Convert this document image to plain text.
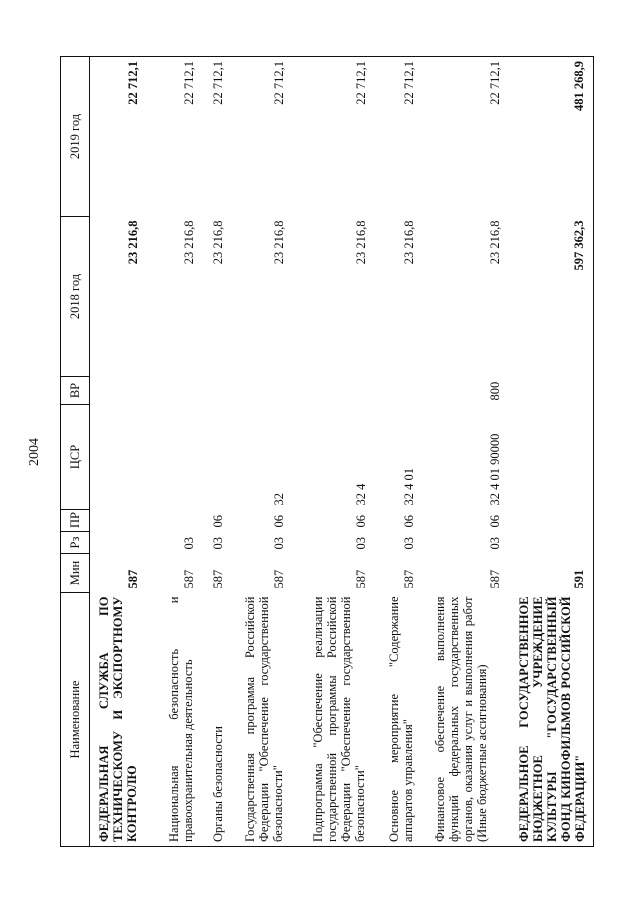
2004
Наименование	Мин	Рз	ПР	ЦСР	ВР	2018 год	2019 год
ФЕДЕРАЛЬНАЯ СЛУЖБА ПО ТЕХНИЧЕСКОМУ И ЭКСПОРТНОМУ КОНТРОЛЮ	587					23 216,8	22 712,1
Национальная безопасность и правоохранительная деятельность	587	03				23 216,8	22 712,1
Органы безопасности	587	03	06			23 216,8	22 712,1
Государственная программа Российской Федерации "Обеспечение государственной безопасности"	587	03	06	32		23 216,8	22 712,1
Подпрограмма "Обеспечение реализации государственной программы Российской Федерации "Обеспечение государственной безопасности"	587	03	06	32 4		23 216,8	22 712,1
Основное мероприятие "Содержание аппаратов управления"	587	03	06	32 4 01		23 216,8	22 712,1
Финансовое обеспечение выполнения функций федеральных государственных органов, оказания услуг и выполнения работ (Иные бюджетные ассигнования)	587	03	06	32 4 01 90000	800	23 216,8	22 712,1
ФЕДЕРАЛЬНОЕ ГОСУДАРСТВЕННОЕ БЮДЖЕТНОЕ УЧРЕЖДЕНИЕ КУЛЬТУРЫ "ГОСУДАРСТВЕННЫЙ ФОНД КИНОФИЛЬМОВ РОССИЙСКОЙ ФЕДЕРАЦИИ"	591					597 362,3	481 268,9
